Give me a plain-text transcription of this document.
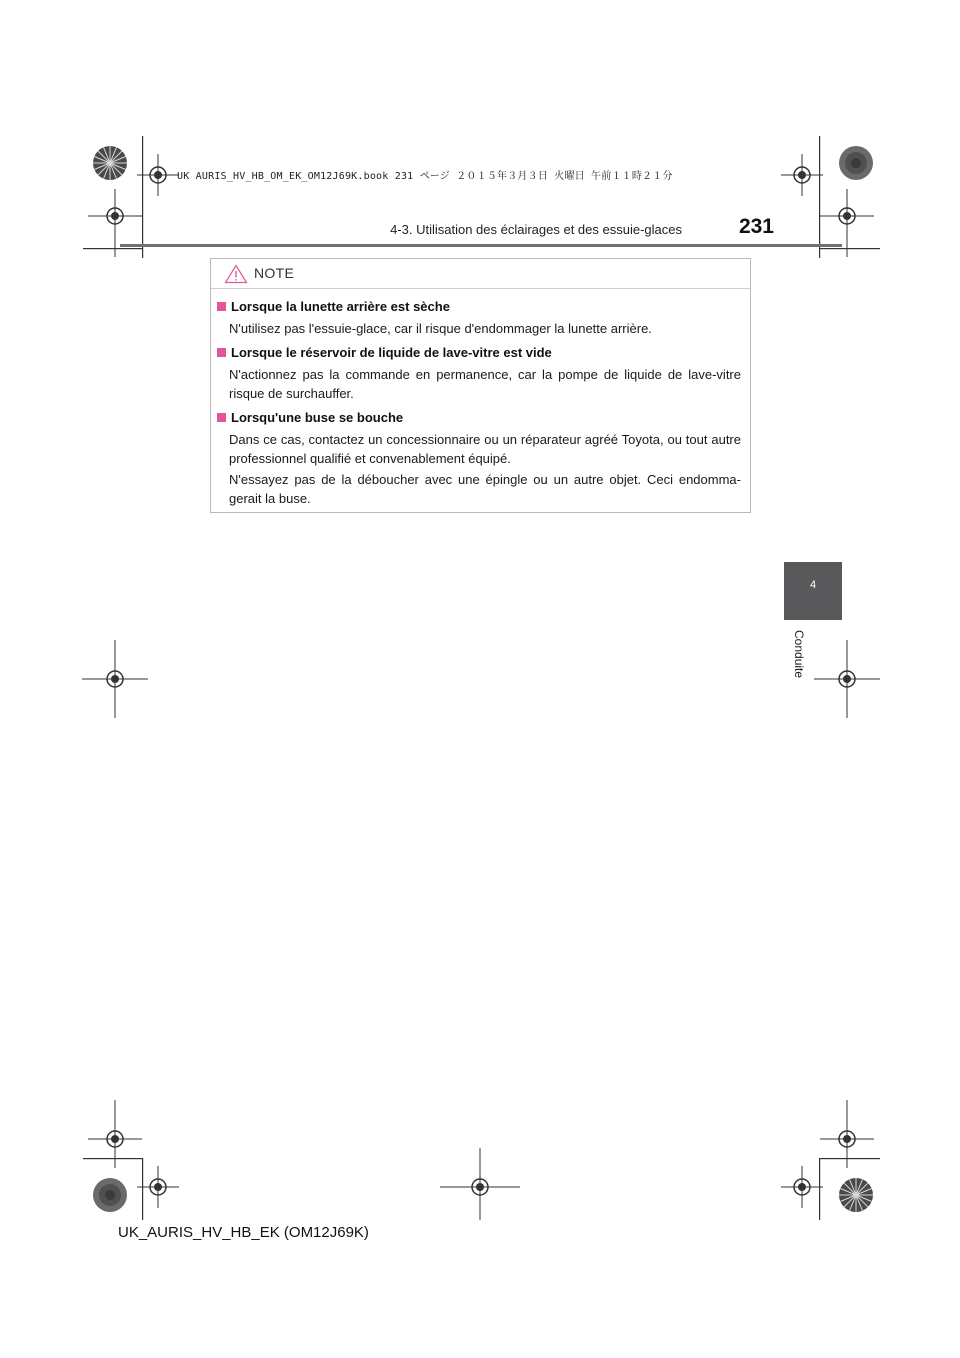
UK AURIS_HV_HB_OM_EK_OM12J69K.book 231 ページ ２０１５年３月３日 火曜日 午前１１時２１分
4-3. Utilisation des éclairages et des essuie-glaces	231
4
Conduite
NOTE
Lorsque la lunette arrière est sèche
N'utilisez pas l'essuie-glace, car il risque d'endommager la lunette arrière.
Lorsque le réservoir de liquide de lave-vitre est vide
N'actionnez pas la commande en permanence, car la pompe de liquide de lave-vitre risque de surchauffer.
Lorsqu'une buse se bouche
Dans ce cas, contactez un concessionnaire ou un réparateur agréé Toyota, ou tout autre professionnel qualifié et convenablement équipé.
N'essayez pas de la déboucher avec une épingle ou un autre objet. Ceci endomma-gerait la buse.
UK_AURIS_HV_HB_EK (OM12J69K)
